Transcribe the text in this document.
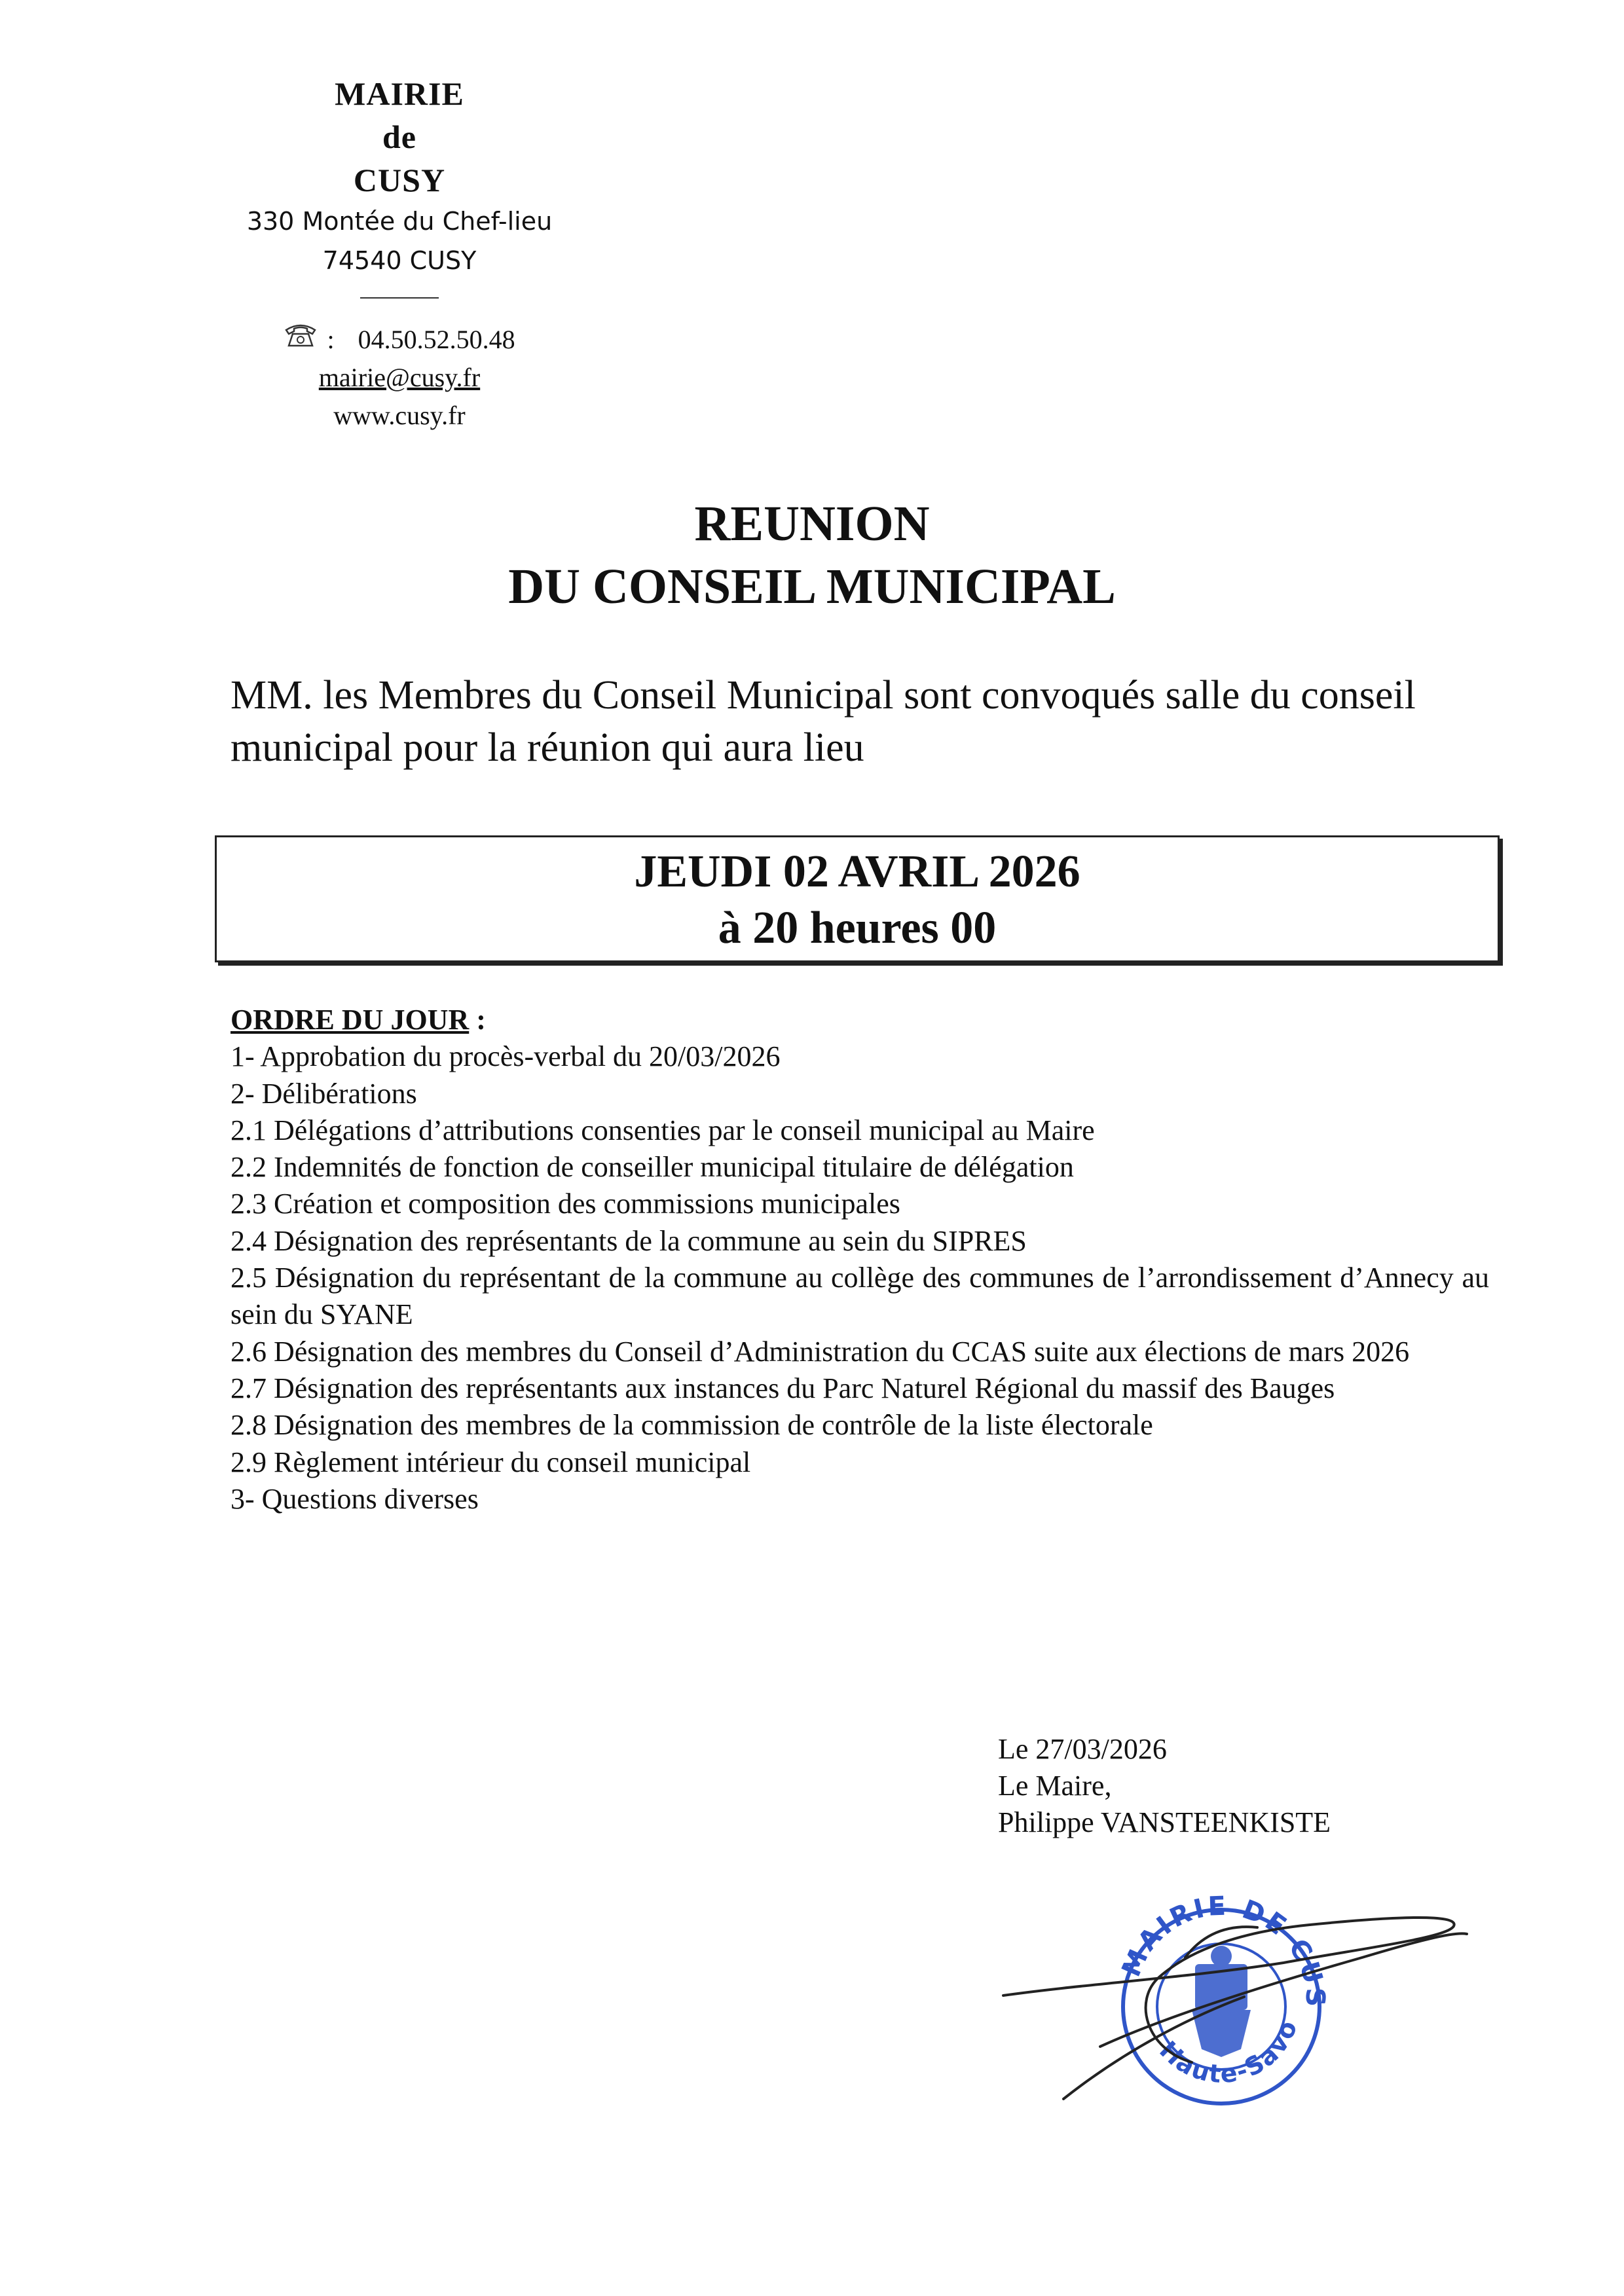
MAIRIE
de
CUSY
330 Montée du Chef-lieu
74540 CUSY
: 04.50.52.50.48
mairie@cusy.fr
www.cusy.fr
REUNION
DU CONSEIL MUNICIPAL
MM. les Membres du Conseil Municipal sont convoqués salle du conseil municipal pour la réunion qui aura lieu
JEUDI 02 AVRIL 2026
à 20 heures 00
ORDRE DU JOUR :
1- Approbation du procès-verbal du 20/03/2026
2- Délibérations
2.1 Délégations d’attributions consenties par le conseil municipal au Maire
2.2 Indemnités de fonction de conseiller municipal titulaire de délégation
2.3 Création et composition des commissions municipales
2.4 Désignation des représentants de la commune au sein du SIPRES
2.5 Désignation du représentant de la commune au collège des communes de l’arrondissement d’Annecy au sein du SYANE
2.6 Désignation des membres du Conseil d’Administration du CCAS suite aux élections de mars 2026
2.7 Désignation des représentants aux instances du Parc Naturel Régional du massif des Bauges
2.8 Désignation des membres de la commission de contrôle de la liste électorale
2.9 Règlement intérieur du conseil municipal
3- Questions diverses
Le 27/03/2026
Le Maire,
Philippe VANSTEENKISTE
MAIRIE DE CUS
Haute-Savo
